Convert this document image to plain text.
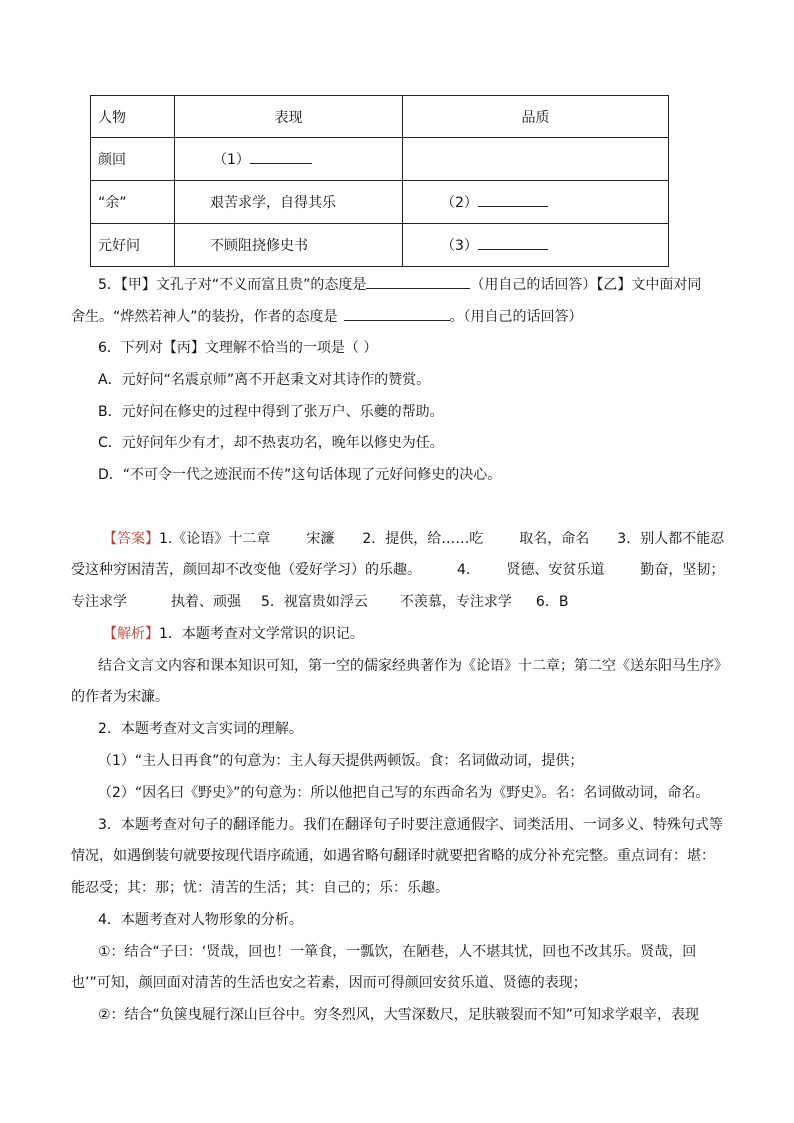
人物	表现	品质
颜回	（1）	
“余”	艰苦求学，自得其乐	（2）
元好问	不顾阻挠修史书	（3）
5．【甲】文孔子对“不义而富且贵”的态度是	（用自己的话回答）【乙】文中面对同
舍生。“烨然若神人”的装扮，作者的态度是	。（用自己的话回答）
6．下列对【丙】文理解不恰当的一项是（ ）
A．元好问“名震京师”离不开赵秉文对其诗作的赞赏。
B．元好问在修史的过程中得到了张万户、乐夔的帮助。
C．元好问年少有才，却不热衷功名，晚年以修史为任。
D．“不可令一代之迹泯而不传”这句话体现了元好问修史的决心。
【答案】1.《论语》十二章	宋濂 2．提供，给……吃	取名，命名 3．别人都不能忍
受这种穷困清苦，颜回却不改变他（爱好学习）的乐趣。	4.	贤德、安贫乐道	勤奋，坚韧；
专注求学	执着、顽强 5．视富贵如浮云 不羡慕，专注求学 6．B
【解析】1．本题考查对文学常识的识记。
结合文言文内容和课本知识可知，第一空的儒家经典著作为《论语》十二章；第二空《送东阳马生序》
的作者为宋濂。
2．本题考查对文言实词的理解。
（1）“主人日再食”的句意为：主人每天提供两顿饭。食：名词做动词，提供；
（2）“因名曰《野史》”的句意为：所以他把自己写的东西命名为《野史》。名：名词做动词，命名。
3．本题考查对句子的翻译能力。我们在翻译句子时要注意通假字、词类活用、一词多义、特殊句式等
情况，如遇倒装句就要按现代语序疏通，如遇省略句翻译时就要把省略的成分补充完整。重点词有：堪：
能忍受；其：那；忧：清苦的生活；其：自己的；乐：乐趣。
4．本题考查对人物形象的分析。
①：结合“子曰：‘贤哉，回也！一箪食，一瓢饮，在陋巷，人不堪其忧，回也不改其乐。贤哉，回
也’”可知，颜回面对清苦的生活也安之若素，因而可得颜回安贫乐道、贤德的表现；
②：结合“负箧曳屣行深山巨谷中。穷冬烈风，大雪深数尺，足肤皲裂而不知”可知求学艰辛，表现
